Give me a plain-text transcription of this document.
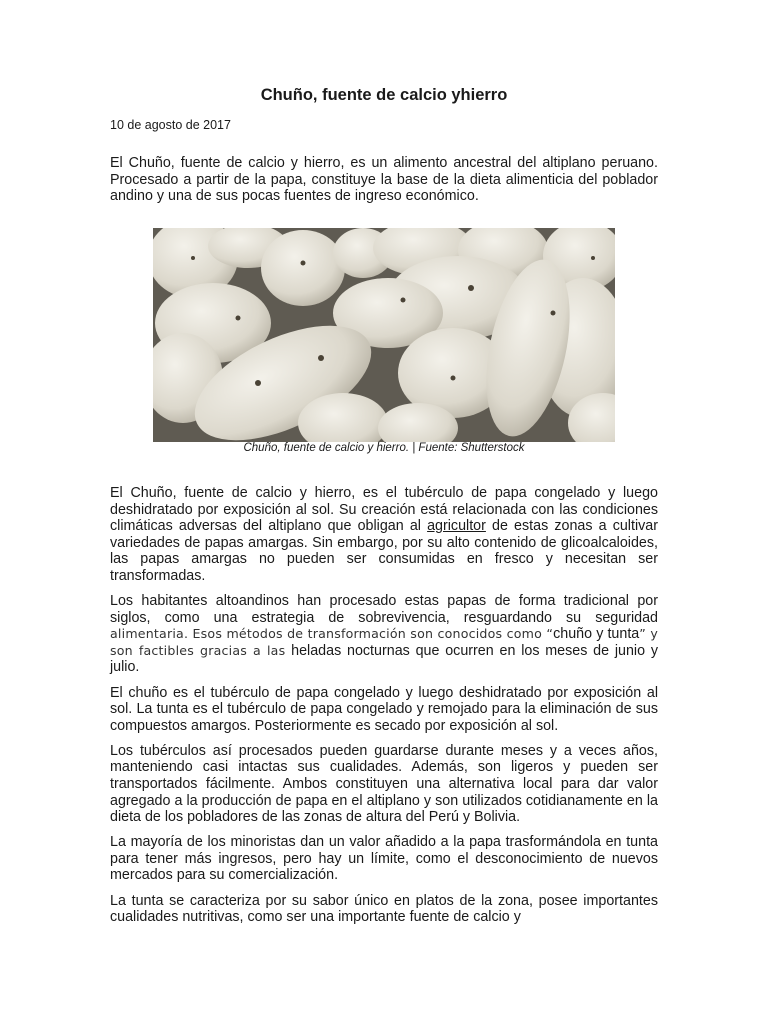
Chuño, fuente de calcio yhierro

10 de agosto de 2017

El Chuño, fuente de calcio y hierro, es un alimento ancestral del altiplano peruano. Procesado a partir de la papa, constituye la base de la dieta alimenticia del poblador andino y una de sus pocas fuentes de ingreso económico.

Chuño, fuente de calcio y hierro. | Fuente: Shutterstock

El Chuño, fuente de calcio y hierro, es el tubérculo de papa congelado y luego deshidratado por exposición al sol. Su creación está relacionada con las condiciones climáticas adversas del altiplano que obligan al agricultor de estas zonas a cultivar variedades de papas amargas. Sin embargo, por su alto contenido de glicoalcaloides, las papas amargas no pueden ser consumidas en fresco y necesitan ser transformadas.

Los habitantes altoandinos han procesado estas papas de forma tradicional por siglos, como una estrategia de sobrevivencia, resguardando su seguridad alimentaria. Esos métodos de transformación son conocidos como “chuño y tunta” y son factibles gracias a las heladas nocturnas que ocurren en los meses de junio y julio.

El chuño es el tubérculo de papa congelado y luego deshidratado por exposición al sol. La tunta es el tubérculo de papa congelado y remojado para la eliminación de sus compuestos amargos. Posteriormente es secado por exposición al sol.

Los tubérculos así procesados pueden guardarse durante meses y a veces años, manteniendo casi intactas sus cualidades. Además, son ligeros y pueden ser transportados fácilmente. Ambos constituyen una alternativa local para dar valor agregado a la producción de papa en el altiplano y son utilizados cotidianamente en la dieta de los pobladores de las zonas de altura del Perú y Bolivia.

La mayoría de los minoristas dan un valor añadido a la papa trasformándola en tunta para tener más ingresos, pero hay un límite, como el desconocimiento de nuevos mercados para su comercialización.

La tunta se caracteriza por su sabor único en platos de la zona, posee importantes cualidades nutritivas, como ser una importante fuente de calcio y
